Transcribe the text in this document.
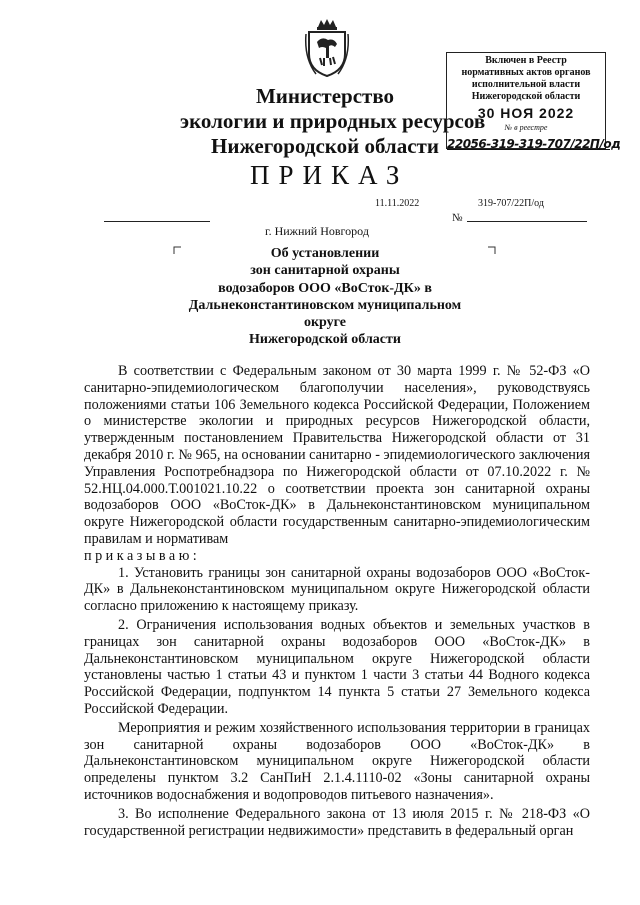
Министерство
экологии и природных ресурсов
Нижегородской области
Включен в Реестр
нормативных актов органов
исполнительной власти
Нижегородской области
30 НОЯ 2022
№ в реестре
22056-319-319-707/22П/од
ПРИКАЗ
11.11.2022	319-707/22П/од
№
г. Нижний Новгород
Об установлении
зон санитарной охраны
водозаборов ООО «ВоСток-ДК» в
Дальнеконстантиновском муниципальном
округе
Нижегородской области

В соответствии с Федеральным законом от 30 марта 1999 г. № 52-ФЗ «О санитарно-эпидемиологическом благополучии населения», руководствуясь положениями статьи 106 Земельного кодекса Российской Федерации, Положением о министерстве экологии и природных ресурсов Нижегородской области, утвержденным постановлением Правительства Нижегородской области от 31 декабря 2010 г. № 965, на основании санитарно - эпидемиологического заключения Управления Роспотребнадзора по Нижегородской области от 07.10.2022 г. № 52.НЦ.04.000.Т.001021.10.22 о соответствии проекта зон санитарной охраны водозаборов ООО «ВоСток-ДК» в Дальнеконстантиновском муниципальном округе Нижегородской области государственным санитарно-эпидемиологическим правилам и нормативам

приказываю:

1. Установить границы зон санитарной охраны водозаборов ООО «ВоСток-ДК» в Дальнеконстантиновском муниципальном округе Нижегородской области согласно приложению к настоящему приказу.

2. Ограничения использования водных объектов и земельных участков в границах зон санитарной охраны водозаборов ООО «ВоСток-ДК» в Дальнеконстантиновском муниципальном округе Нижегородской области установлены частью 1 статьи 43 и пунктом 1 части 3 статьи 44 Водного кодекса Российской Федерации, подпунктом 14 пункта 5 статьи 27 Земельного кодекса Российской Федерации.

Мероприятия и режим хозяйственного использования территории в границах зон санитарной охраны водозаборов ООО «ВоСток-ДК» в Дальнеконстантиновском муниципальном округе Нижегородской области определены пунктом 3.2 СанПиН 2.1.4.1110-02 «Зоны санитарной охраны источников водоснабжения и водопроводов питьевого назначения».

3. Во исполнение Федерального закона от 13 июля 2015 г. № 218-ФЗ «О государственной регистрации недвижимости» представить в федеральный орган
